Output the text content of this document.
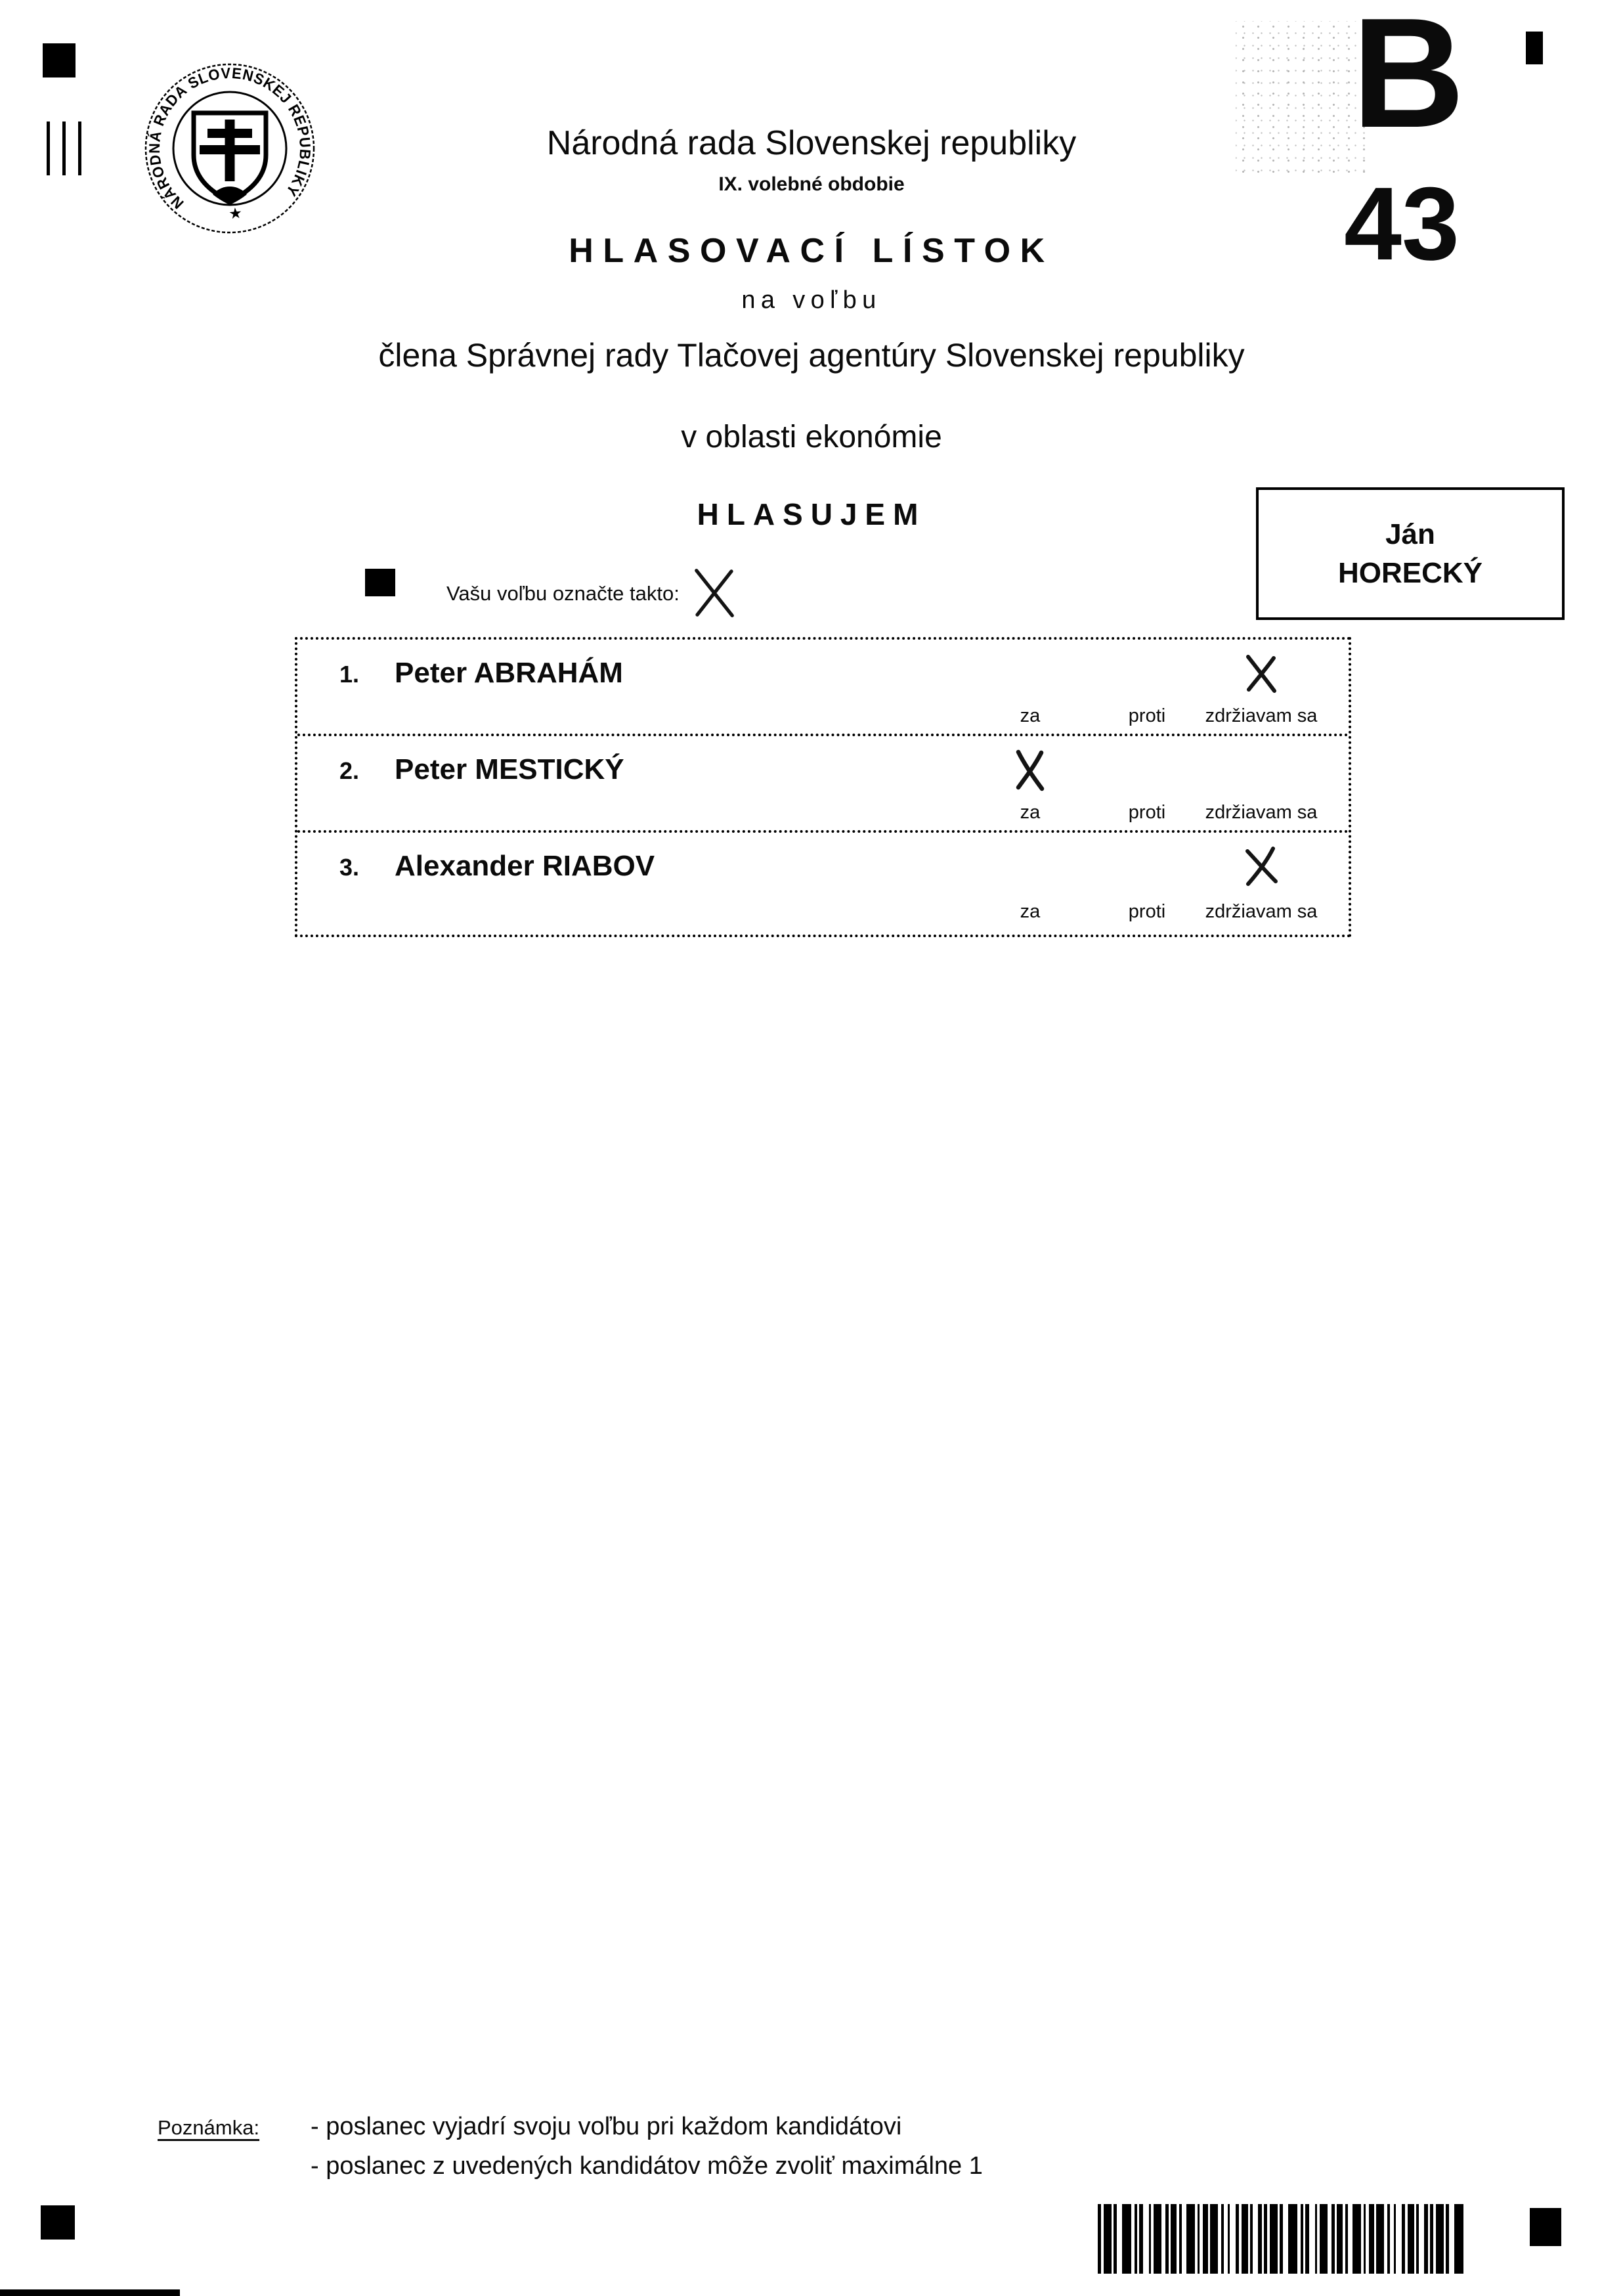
NÁRODNÁ RADA SLOVENSKEJ REPUBLIKY
★
Národná rada Slovenskej republiky
IX. volebné obdobie
HLASOVACÍ LÍSTOK
na voľbu
člena Správnej rady Tlačovej agentúry Slovenskej republiky
v oblasti ekonómie
HLASUJEM
B
43
Ján
HORECKÝ
Vašu voľbu označte takto:
1. Peter ABRAHÁM
za	proti zdržiavam sa
2. Peter MESTICKÝ
za	proti zdržiavam sa
3. Alexander RIABOV
za	proti zdržiavam sa
Poznámka: - poslanec vyjadrí svoju voľbu pri každom kandidátovi
- poslanec z uvedených kandidátov môže zvoliť maximálne 1
